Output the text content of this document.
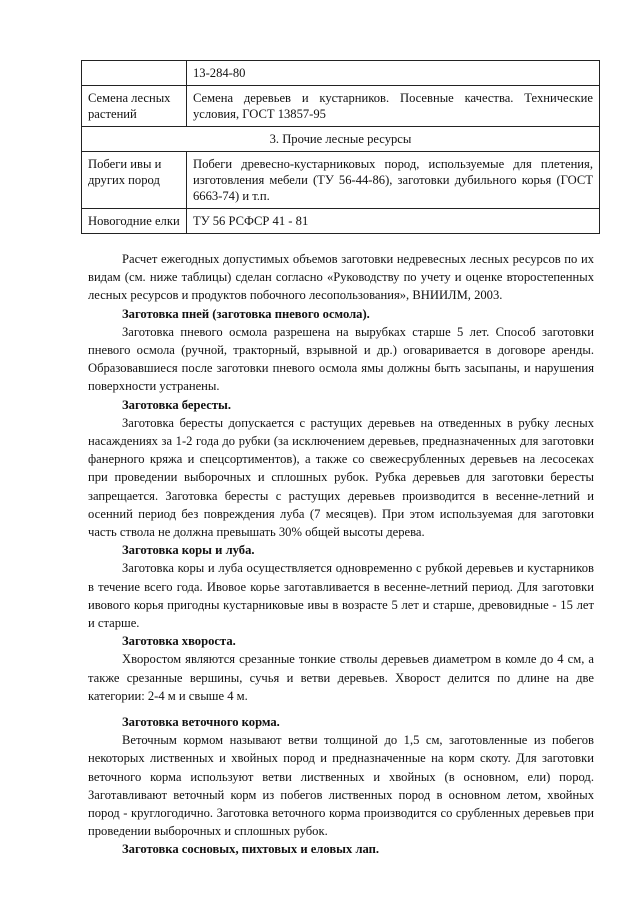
	13-284-80
Семена лесных растений	Семена деревьев и кустарников. Посевные качества. Технические условия, ГОСТ 13857-95
3. Прочие лесные ресурсы	
Побеги ивы и других пород	Побеги древесно-кустарниковых пород, используемые для плетения, изготовления мебели (ТУ 56-44-86), заготовки дубильного корья (ГОСТ 6663-74) и т.п.
Новогодние елки	ТУ 56 РСФСР 41 - 81

Расчет ежегодных допустимых объемов заготовки недревесных лесных ресурсов по их видам (см. ниже таблицы) сделан согласно «Руководству по учету и оценке второстепенных лесных ресурсов и продуктов побочного лесопользования», ВНИИЛМ, 2003.

Заготовка пней (заготовка пневого осмола).

Заготовка пневого осмола разрешена на вырубках старше 5 лет. Способ заготовки пневого осмола (ручной, тракторный, взрывной и др.) оговаривается в договоре аренды. Образовавшиеся после заготовки пневого осмола ямы должны быть засыпаны, и нарушения поверхности устранены.

Заготовка бересты.

Заготовка бересты допускается с растущих деревьев на отведенных в рубку лесных насаждениях за 1-2 года до рубки (за исключением деревьев, предназначенных для заготовки фанерного кряжа и спецсортиментов), а также со свежесрубленных деревьев на лесосеках при проведении выборочных и сплошных рубок. Рубка деревьев для заготовки бересты запрещается. Заготовка бересты с растущих деревьев производится в весенне-летний и осенний период без повреждения луба (7 месяцев). При этом используемая для заготовки часть ствола не должна превышать 30% общей высоты дерева.

Заготовка коры и луба.

Заготовка коры и луба осуществляется одновременно с рубкой деревьев и кустарников в течение всего года. Ивовое корье заготавливается в весенне-летний период. Для заготовки ивового корья пригодны кустарниковые ивы в возрасте 5 лет и старше, древовидные - 15 лет и старше.

Заготовка хвороста.

Хворостом являются срезанные тонкие стволы деревьев диаметром в комле до 4 см, а также срезанные вершины, сучья и ветви деревьев. Хворост делится по длине на две категории: 2-4 м и свыше 4 м.

Заготовка веточного корма.

Веточным кормом называют ветви толщиной до 1,5 см, заготовленные из побегов некоторых лиственных и хвойных пород и предназначенные на корм скоту. Для заготовки веточного корма используют ветви лиственных и хвойных (в основном, ели) пород. Заготавливают веточный корм из побегов лиственных пород в основном летом, хвойных пород - круглогодично. Заготовка веточного корма производится со срубленных деревьев при проведении выборочных и сплошных рубок.

Заготовка сосновых, пихтовых и еловых лап.
